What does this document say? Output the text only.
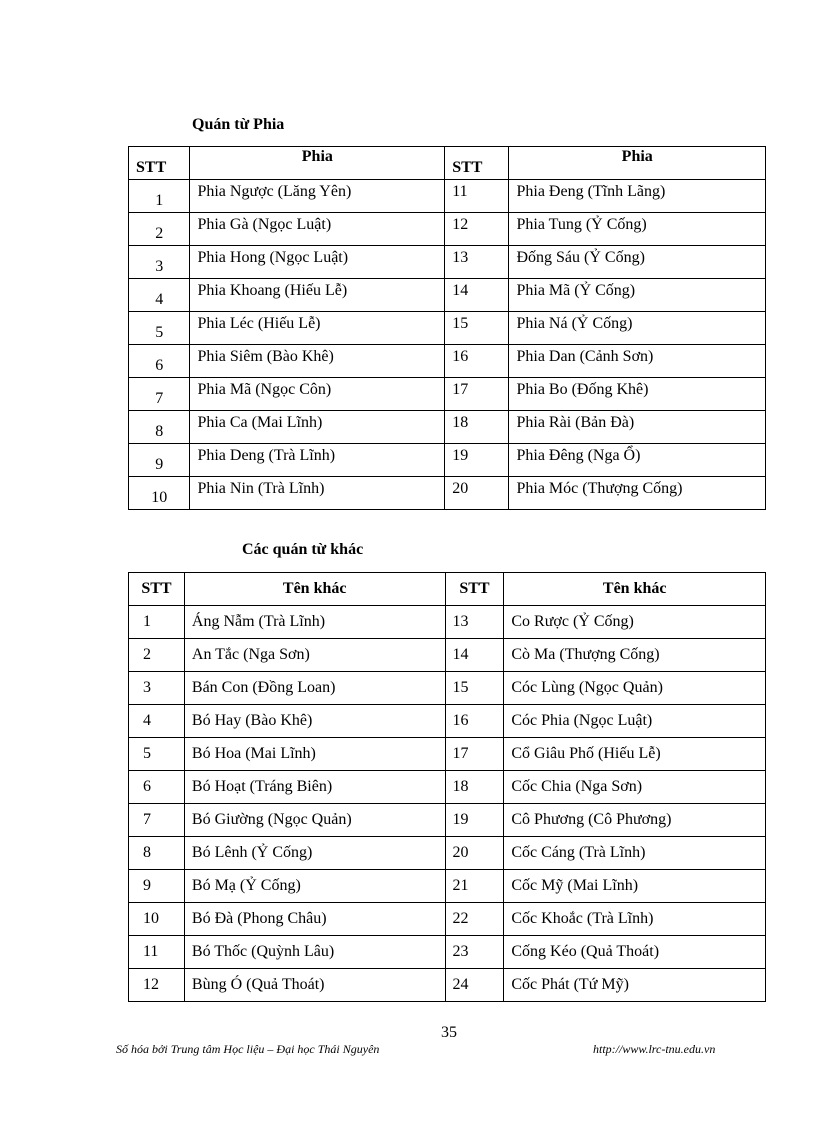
Quán từ Phia

STT	Phia	STT	Phia
1	Phia Ngược (Lăng Yên)	11	Phia Đeng (Tĩnh Lãng)
2	Phia Gà (Ngọc Luật)	12	Phia Tung (Ỷ Cống)
3	Phia Hong (Ngọc Luật)	13	Đống Sáu (Ỷ Cống)
4	Phia Khoang (Hiếu Lễ)	14	Phia Mã (Ỷ Cống)
5	Phia Léc (Hiếu Lễ)	15	Phia Ná (Ỷ Cống)
6	Phia Siêm (Bào Khê)	16	Phia Dan (Cảnh Sơn)
7	Phia Mã (Ngọc Côn)	17	Phia Bo (Đống Khê)
8	Phia Ca (Mai Lĩnh)	18	Phia Rài (Bản Đà)
9	Phia Deng (Trà Lĩnh)	19	Phia Đêng (Nga Ổ)
10	Phia Nin (Trà Lĩnh)	20	Phia Móc (Thượng Cống)

Các quán từ khác

STT	Tên khác	STT	Tên khác
1	Áng Nẫm (Trà Lĩnh)	13	Co Rược (Ỷ Cống)
2	An Tắc (Nga Sơn)	14	Cò Ma (Thượng Cống)
3	Bán Con (Đồng Loan)	15	Cóc Lùng (Ngọc Quản)
4	Bó Hay (Bào Khê)	16	Cóc Phia (Ngọc Luật)
5	Bó Hoa (Mai Lĩnh)	17	Cổ Giâu Phố (Hiếu Lễ)
6	Bó Hoạt (Tráng Biên)	18	Cốc Chia (Nga Sơn)
7	Bó Giường (Ngọc Quản)	19	Cô Phương (Cô Phương)
8	Bó Lênh (Ỷ Cống)	20	Cốc Cáng (Trà Lĩnh)
9	Bó Mạ (Ỷ Cống)	21	Cốc Mỹ (Mai Lĩnh)
10	Bó Đà (Phong Châu)	22	Cốc Khoắc (Trà Lĩnh)
11	Bó Thốc (Quỳnh Lâu)	23	Cống Kéo (Quả Thoát)
12	Bùng Ó (Quả Thoát)	24	Cốc Phát (Tứ Mỹ)

35

Số hóa bởi Trung tâm Học liệu – Đại học Thái Nguyên	http://www.lrc-tnu.edu.vn
